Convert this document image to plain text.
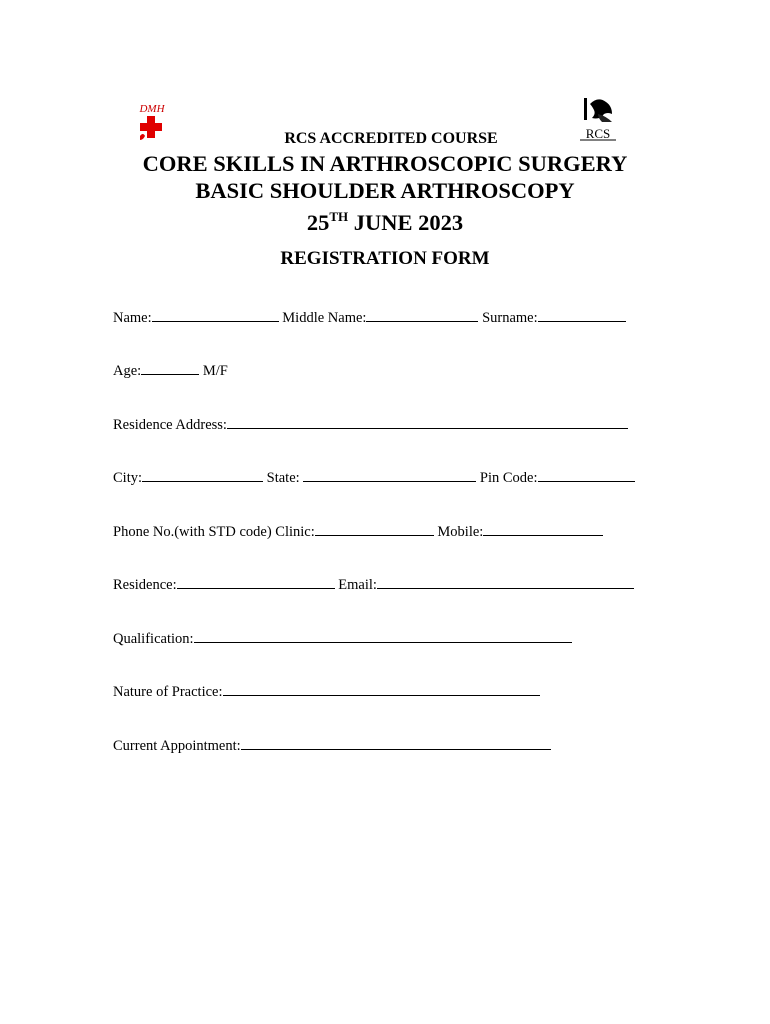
DMH
RCS
RCS ACCREDITED COURSE
CORE SKILLS IN ARTHROSCOPIC SURGERY
BASIC SHOULDER ARTHROSCOPY
25TH JUNE 2023
REGISTRATION FORM
Name:	Middle Name:	Surname:
Age:	M/F
Residence Address:
City:	State:	Pin Code:
Phone No.(with STD code) Clinic:	Mobile:
Residence:	Email:
Qualification:
Nature of Practice:
Current Appointment:
